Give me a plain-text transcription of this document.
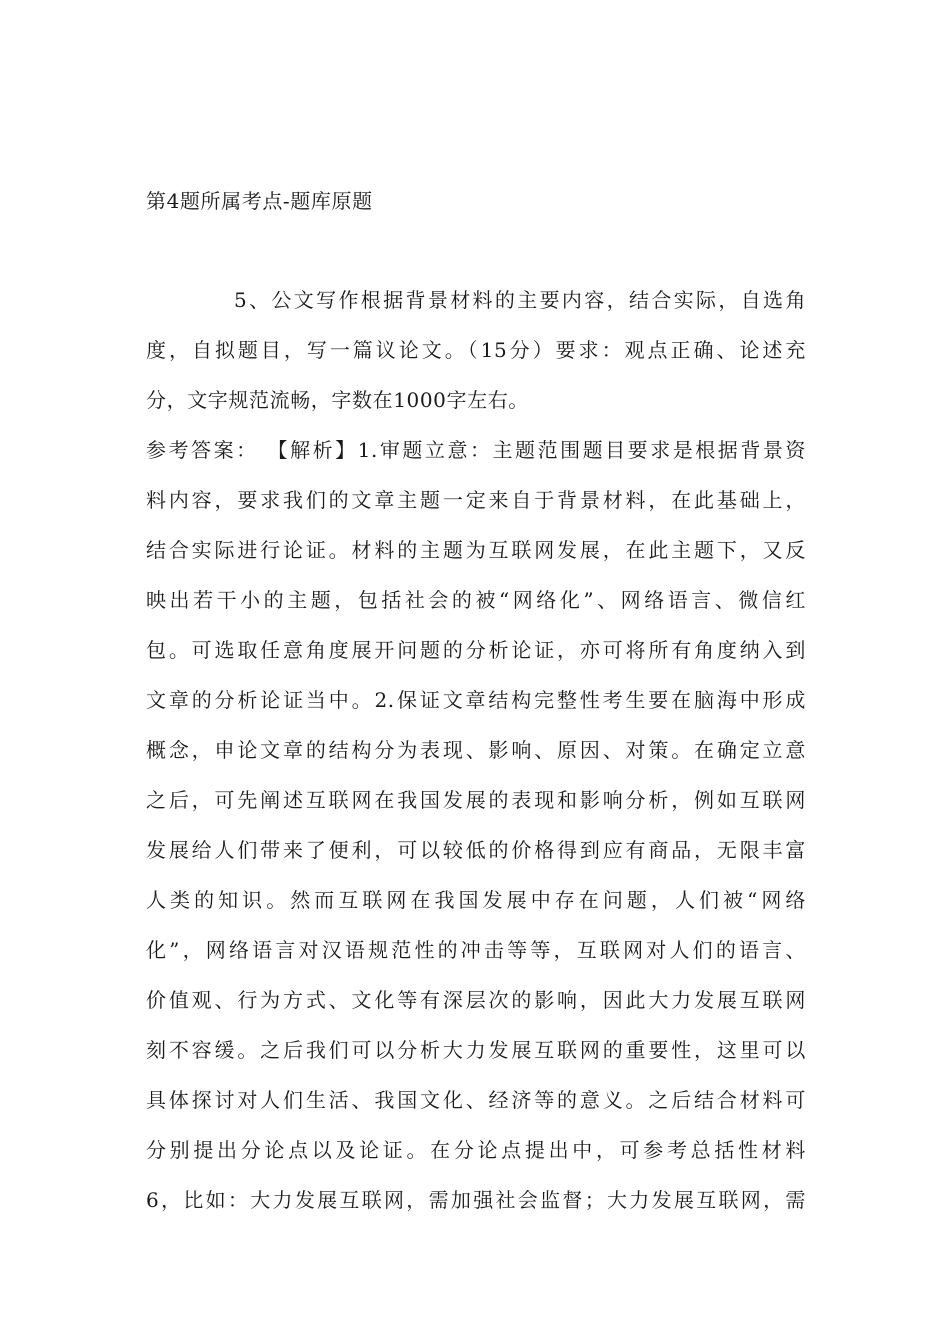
第4题所属考点-题库原题
5、公文写作根据背景材料的主要内容，结合实际，自选角
度，自拟题目，写一篇议论文。（15分）要求：观点正确、论述充
分，文字规范流畅，字数在1000字左右。
参考答案： 【解析】1.审题立意：主题范围题目要求是根据背景资
料内容，要求我们的文章主题一定来自于背景材料，在此基础上，
结合实际进行论证。材料的主题为互联网发展，在此主题下，又反
映出若干小的主题，包括社会的被“网络化”、网络语言、微信红
包。可选取任意角度展开问题的分析论证，亦可将所有角度纳入到
文章的分析论证当中。2.保证文章结构完整性考生要在脑海中形成
概念，申论文章的结构分为表现、影响、原因、对策。在确定立意
之后，可先阐述互联网在我国发展的表现和影响分析，例如互联网
发展给人们带来了便利，可以较低的价格得到应有商品，无限丰富
人类的知识。然而互联网在我国发展中存在问题，人们被“网络
化”，网络语言对汉语规范性的冲击等等，互联网对人们的语言、
价值观、行为方式、文化等有深层次的影响，因此大力发展互联网
刻不容缓。之后我们可以分析大力发展互联网的重要性，这里可以
具体探讨对人们生活、我国文化、经济等的意义。之后结合材料可
分别提出分论点以及论证。在分论点提出中，可参考总括性材料
6，比如：大力发展互联网，需加强社会监督；大力发展互联网，需
